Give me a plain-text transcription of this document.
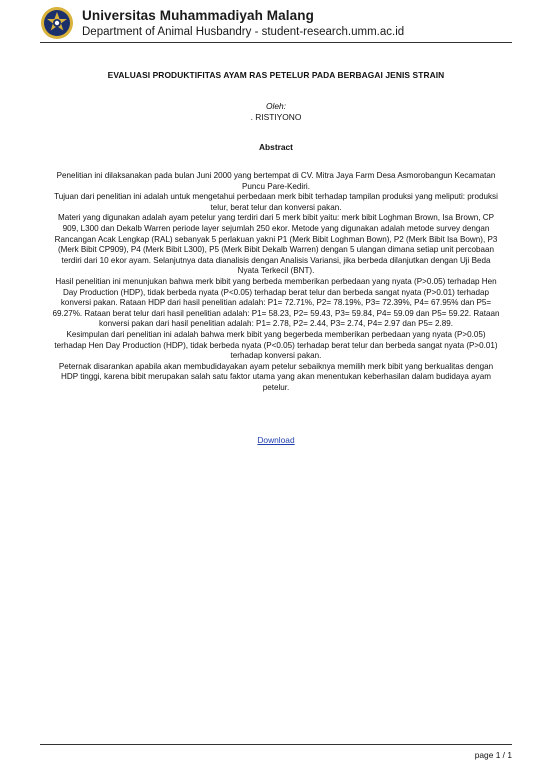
Universitas Muhammadiyah Malang
Department of Animal Husbandry - student-research.umm.ac.id
EVALUASI PRODUKTIFITAS AYAM RAS PETELUR PADA BERBAGAI JENIS STRAIN
Oleh:
. RISTIYONO
Abstract

Penelitian ini dilaksanakan pada bulan Juni 2000 yang bertempat di CV. Mitra Jaya Farm Desa Asmorobangun Kecamatan Puncu Pare-Kediri.

Tujuan dari penelitian ini adalah untuk mengetahui perbedaan merk bibit terhadap tampilan produksi yang meliputi: produksi telur, berat telur dan konversi pakan.

Materi yang digunakan adalah ayam petelur yang terdiri dari 5 merk bibit yaitu: merk bibit Loghman Brown, Isa Brown, CP 909, L300 dan Dekalb Warren periode layer sejumlah 250 ekor. Metode yang digunakan adalah metode survey dengan Rancangan Acak Lengkap (RAL) sebanyak 5 perlakuan yakni P1 (Merk Bibit Loghman Bown), P2 (Merk Bibit Isa Bown), P3 (Merk Bibit CP909), P4 (Merk Bibit L300), P5 (Merk Bibit Dekalb Warren) dengan 5 ulangan dimana setiap unit percobaan terdiri dari 10 ekor ayam. Selanjutnya data dianalisis dengan Analisis Variansi, jika berbeda dilanjutkan dengan Uji Beda Nyata Terkecil (BNT).

Hasil penelitian ini menunjukan bahwa merk bibit yang berbeda memberikan perbedaan yang nyata (P>0.05) terhadap Hen Day Production (HDP), tidak berbeda nyata (P<0.05) terhadap berat telur dan berbeda sangat nyata (P>0.01) terhadap konversi pakan. Rataan HDP dari hasil penelitian adalah: P1= 72.71%, P2= 78.19%, P3= 72.39%, P4= 67.95% dan P5= 69.27%. Rataan berat telur dari hasil penelitian adalah: P1= 58.23, P2= 59.43, P3= 59.84, P4= 59.09 dan P5= 59.22. Rataan konversi pakan dari hasil penelitian adalah: P1= 2.78, P2= 2.44, P3= 2.74, P4= 2.97 dan P5= 2.89.

Kesimpulan dari penelitian ini adalah bahwa merk bibit yang begerbeda memberikan perbedaan yang nyata (P>0.05) terhadap Hen Day Production (HDP), tidak berbeda nyata (P<0.05) terhadap berat telur dan berbeda sangat nyata (P>0.01) terhadap konversi pakan.

Peternak disarankan apabila akan membudidayakan ayam petelur sebaiknya memilih merk bibit yang berkualitas dengan HDP tinggi, karena bibit merupakan salah satu faktor utama yang akan menentukan keberhasilan dalam budidaya ayam petelur.

Download
page 1 / 1
